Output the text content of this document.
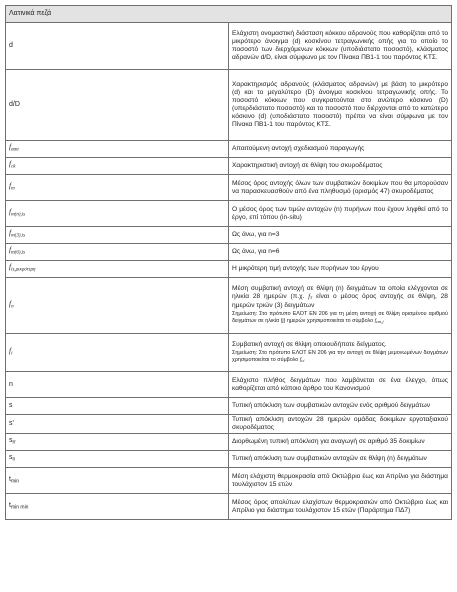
Λατινικά πεζά	
d	Ελάχιστη ονομαστική διάσταση κόκκου αδρανούς που καθορίζεται από το μικρότερο άνοιγμα (d) κοσκίνου τετραγωνικής οπής για το οποίο το ποσοστό των διερχόμενων κόκκων (υποδιάστατο ποσοστό), κλάσματος αδρανών d/D, είναι σύμφωνο με τον Πίνακα ΠΒ1-1 του παρόντος ΚΤΣ.
d/D	Χαρακτηρισμός αδρανούς (κλάσματος αδρανών) με βάση το μικρότερο (d) και το μεγαλύτερο (D) άνοιγμα κοσκίνου τετραγωνικής οπής. Το ποσοστό κόκκων που συγκρατούνται στο ανώτερο κόσκινο (D) (υπερδιάστατο ποσοστό) και το ποσοστό που διέρχονται από το κατώτερο κόσκινο (d) (υποδιάστατο ποσοστό) πρέπει να είναι σύμφωνα με τον Πίνακα ΠΒ1-1 του παρόντος ΚΤΣ.
$f_{\alpha\sigma\sigma}$	Απαιτούμενη αντοχή σχεδιασμού παραγωγής
$f_{ck}$	Χαρακτηριστική αντοχή σε θλίψη του σκυροδέματος
$f_m$	Μέσος όρος αντοχής όλων των συμβατικών δοκιμίων που θα μπορούσαν να παρασκευασθούν από ένα πληθυσμό (ορισμός 47) σκυροδέματος
$f_{m(n),is}$	Ο μέσος όρος των τιμών αντοχών (n) πυρήνων που έχουν ληφθεί από το έργο, επί τόπου (in-situ)
$f_{m(3),is}$	Ως άνω, για n=3
$f_{m(6),is}$	Ως άνω, για n=6
$f_{is,\mu\iota\kappa\rho ό\tau\varepsilon\rho\eta}$	Η μικρότερη τιμή αντοχής των πυρήνων του έργου
$f_n$	Μέση συμβατική αντοχή σε θλίψη (n) δειγμάτων τα οποία ελέγχονται σε ηλικία 28 ημερών (π.χ. $f_3$ είναι ο μέσος όρος αντοχής σε θλίψη, 28 ημερών τριών (3) δειγμάτων
Σημείωση: Στο πρότυπο ΕΛΟΤ ΕΝ 206 για τη μέση αντοχή σε θλίψη ορισμένου αριθμού δειγμάτων σε ηλικία (j) ημερών χρησιμοποιείται το σύμβολο $f_{cm,j}$

$f_i$	Συμβατική αντοχή σε θλίψη οποιουδήποτε δείγματος.
Σημείωση: Στο πρότυπο ΕΛΟΤ ΕΝ 206 για την αντοχή σε θλίψη μεμονωμένων δειγμάτων χρησιμοποιείται το σύμβολο $f_{ci}$

n	Ελάχιστο πλήθος δειγμάτων που λαμβάνεται σε ένα έλεγχο, όπως καθορίζεται από κάποιο άρθρο του Κανονισμού
s	Τυπική απόκλιση των συμβατικών αντοχών ενός αριθμού δειγμάτων
s'	Τυπική απόκλιση αντοχών 28 ημερών ομάδας δοκιμίων εργοταξιακού σκυροδέματος
$s_{rr}$	Διορθωμένη τυπική απόκλιση για αναγωγή σε αριθμό 35 δοκιμίων
$s_n$	Τυπική απόκλιση των συμβατικών αντοχών σε θλίψη (n) δειγμάτων
$t_{min}$	Μέση ελάχιστη θερμοκρασία από Οκτώβριο έως και Απρίλιο για διάστημα τουλάχιστον 15 ετών
$t_{min min}$	Μέσος όρος απολύτων ελαχίστων θερμοκρασιών από Οκτώβριο έως και Απρίλιο για διάστημα τουλάχιστον 15 ετών (Παράρτημα ΠΔ7)
